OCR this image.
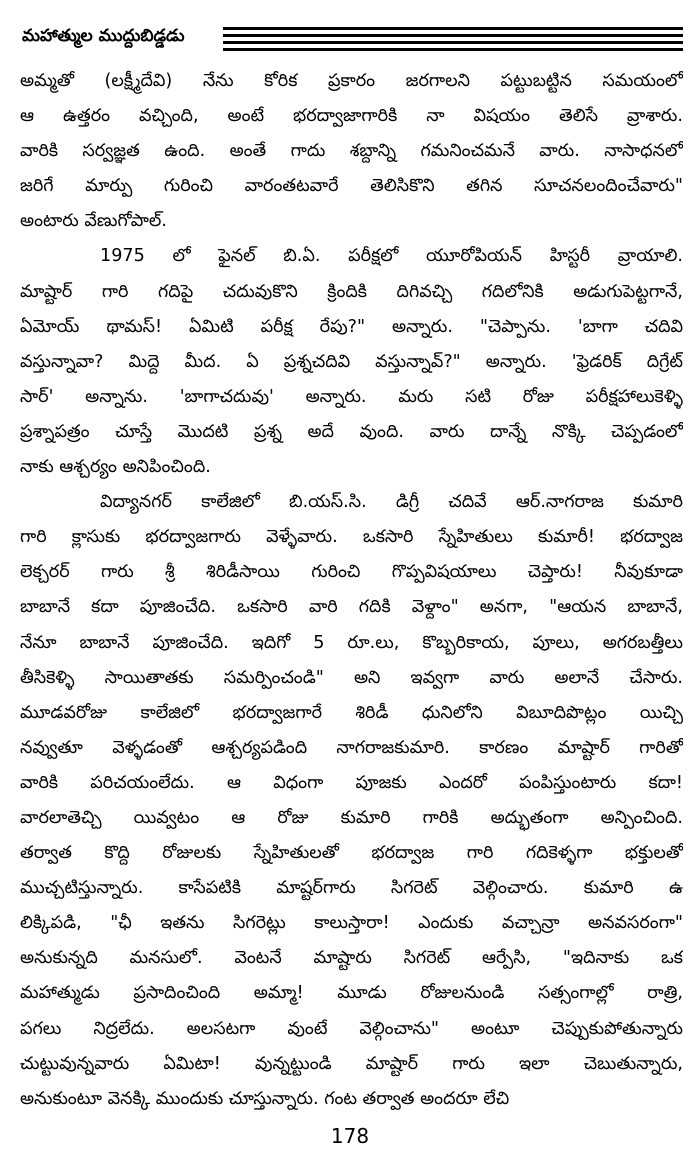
మహాత్ముల ముద్దుబిడ్డడు
అమ్మతో (లక్ష్మీదేవి) నేను కోరిక ప్రకారం జరగాలని పట్టుబట్టిన సమయంలో
ఆ ఉత్తరం వచ్చింది, అంటే భరద్వాజాగారికి నా విషయం తెలిసే వ్రాశారు.
వారికి సర్వజ్ఞత ఉంది. అంతే గాదు శబ్దాన్ని గమనించమనే వారు. నాసాధనలో
జరిగే మార్పు గురించి వారంతటవారే తెలిసికొని తగిన సూచనలందించేవారు"
అంటారు వేణుగోపాల్.
1975 లో ఫైనల్ బి.ఏ. పరీక్షలో యూరోపియన్ హిస్టరీ వ్రాయాలి.
మాష్టార్ గారి గదిపై చదువుకొని క్రిందికి దిగివచ్చి గదిలోనికి అడుగుపెట్టగానే,
ఏమోయ్ థామస్! ఏమిటి పరీక్ష రేపు?" అన్నారు. "చెప్పాను. 'బాగా చదివి
వస్తున్నావా? మిద్దె మీద. ఏ ప్రశ్నచదివి వస్తున్నావ్?" అన్నారు. 'ఫ్రెడరిక్ దిగ్రేట్
సార్' అన్నాను. 'బాగాచదువు' అన్నారు. మరు సటి రోజు పరీక్షహాలుకెళ్ళి
ప్రశ్నాపత్రం చూస్తే మొదటి ప్రశ్న అదే వుంది. వారు దాన్నే నొక్కి చెప్పడంలో
నాకు ఆశ్చర్యం అనిపించింది.
విద్యానగర్ కాలేజిలో బి.యస్.సి. డిగ్రీ చదివే ఆర్.నాగరాజ కుమారి
గారి క్లాసుకు భరద్వాజగారు వెళ్ళేవారు. ఒకసారి స్నేహితులు కుమారీ! భరద్వాజ
లెక్చరర్ గారు శ్రీ శిరిడీసాయి గురించి గొప్పవిషయాలు చెప్తారు! నీవుకూడా
బాబానే కదా పూజించేది. ఒకసారి వారి గదికి వెళ్దాం" అనగా, "ఆయన బాబానే,
నేనూ బాబానే పూజించేది. ఇదిగో 5 రూ.లు, కొబ్బరికాయ, పూలు, అగరబత్తీలు
తీసికెళ్ళి సాయితాతకు సమర్పించండి" అని ఇవ్వగా వారు అలానే చేసారు.
మూడవరోజు కాలేజిలో భరద్వాజగారే శిరిడీ ధునిలోని విబూదిపొట్లం యిచ్చి
నవ్వుతూ వెళ్ళడంతో ఆశ్చర్యపడింది నాగరాజకుమారి. కారణం మాష్టార్ గారితో
వారికి పరిచయంలేదు. ఆ విధంగా పూజకు ఎందరో పంపిస్తుంటారు కదా!
వారలాతెచ్చి యివ్వటం ఆ రోజు కుమారి గారికి అద్భుతంగా అన్పించింది.
తర్వాత కొద్ది రోజులకు స్నేహితులతో భరద్వాజ గారి గదికెళ్ళగా భక్తులతో
ముచ్చటిస్తున్నారు. కాసేపటికి మాష్టర్‌గారు సిగరెట్ వెల్గించారు. కుమారి ఉ
లిక్కిపడి, "ఛీ ఇతను సిగరెట్లు కాలుస్తారా! ఎందుకు వచ్చాన్రా అనవసరంగా"
అనుకున్నది మనసులో. వెంటనే మాష్టారు సిగరెట్ ఆర్పేసి, "ఇదినాకు ఒక
మహాత్ముడు ప్రసాదించింది అమ్మా! మూడు రోజులనుండి సత్సంగాల్లో రాత్రి,
పగలు నిద్రలేదు. అలసటగా వుంటే వెల్గించాను" అంటూ చెప్పుకుపోతున్నారు
చుట్టువున్నవారు ఏమిటా! వున్నట్టుండి మాష్టార్ గారు ఇలా చెబుతున్నారు,
అనుకుంటూ వెనక్కి ముందుకు చూస్తున్నారు. గంట తర్వాత అందరూ లేచి
178
